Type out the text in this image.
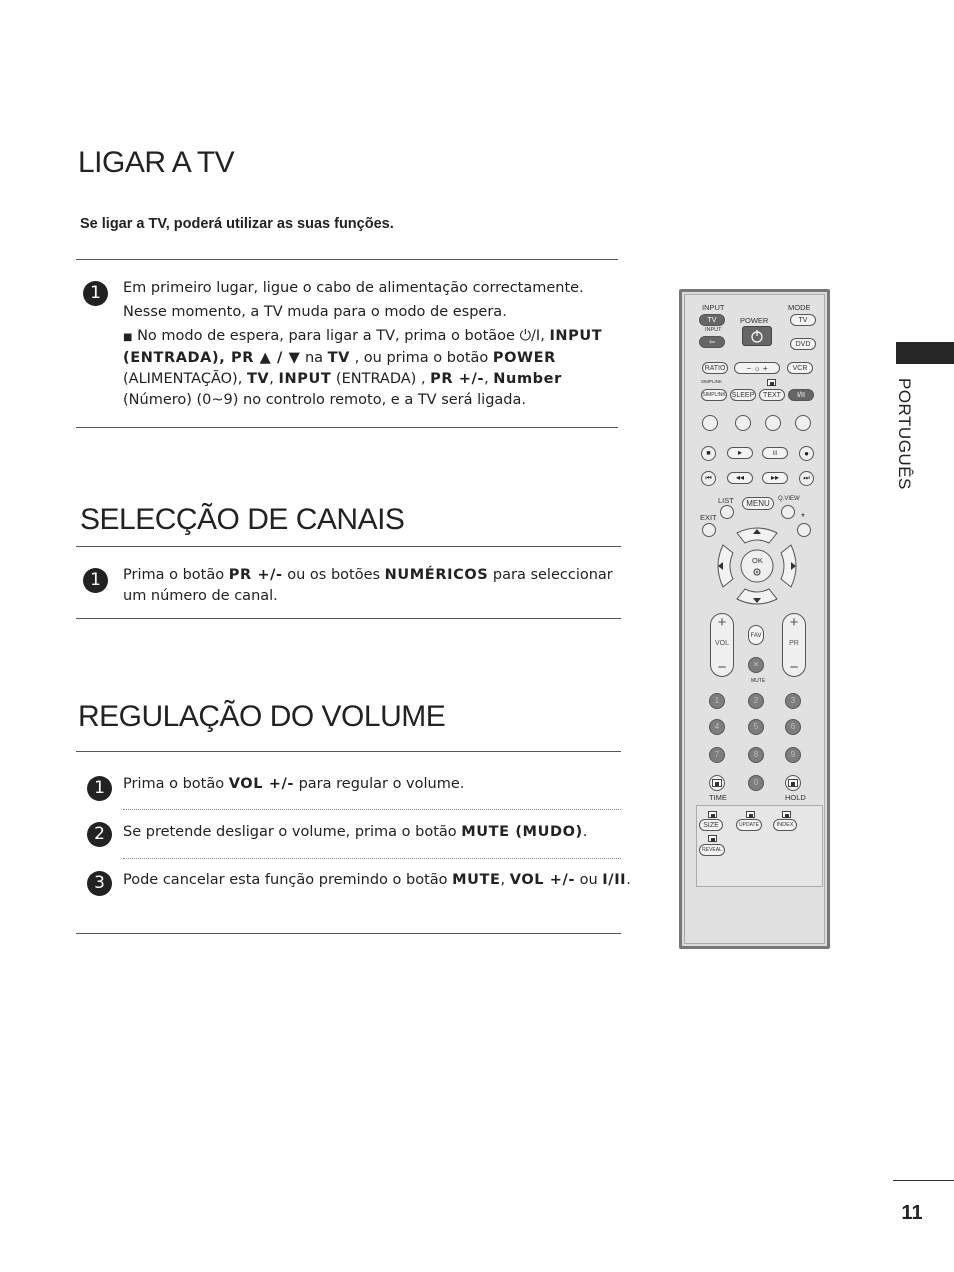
LIGAR A TV
Se ligar a TV, poderá utilizar as suas funções.
1	Em primeiro lugar, ligue o cabo de alimentação correctamente.
Nesse momento, a TV muda para o modo de espera.
■ No modo de espera, para ligar a TV, prima o botãoe ⏻/I, INPUT (ENTRADA), PR ▲ / ▼ na TV , ou prima o botão POWER (ALIMENTAÇÃO), TV, INPUT (ENTRADA) , PR +/-, Number (Número) (0~9) no controlo remoto, e a TV será ligada.
SELECÇÃO DE CANAIS
1	Prima o botão PR +/- ou os botões NUMÉRICOS para seleccionar um número de canal.
REGULAÇÃO DO VOLUME
1	Prima o botão VOL +/- para regular o volume.
2	Se pretende desligar o volume, prima o botão MUTE (MUDO).
3	Pode cancelar esta função premindo o botão MUTE, VOL +/- ou I/II.
PORTUGUÊS
11
INPUT	MODE
TV	POWER	TV
INPUT
⇦	DVD
RATIO	− ☼ +	VCR
SIMPLINK
SIMPLINK SLEEP	TEXT	I/II
■	▸	ıı	●
⏮	◂◂	▸▸	⏭
LIST	Q.VIEW
MENU
EXIT	*
OK
+
VOL
−
FAV
✕
MUTE
+
PR
−
1	2	3
4	5	6
7	8	9
0
TIME	HOLD
SIZE	UPDATE	INDEX
REVEAL
